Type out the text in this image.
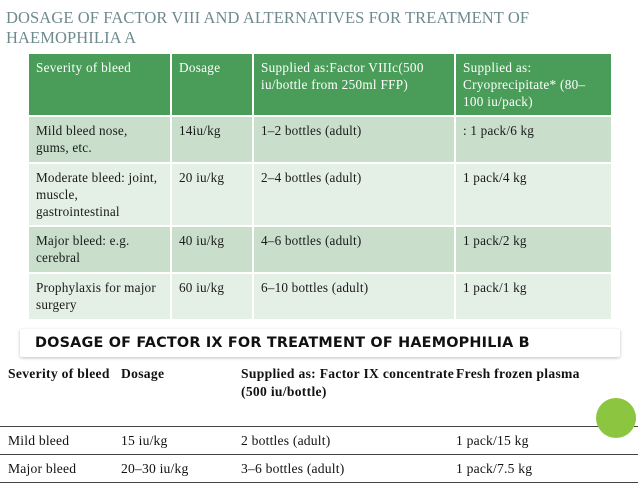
DOSAGE OF FACTOR VIII AND ALTERNATIVES FOR TREATMENT OF HAEMOPHILIA A
Severity of bleed	Dosage	Supplied as:Factor VIIIc(500 iu/bottle from 250ml FFP)	Supplied as: Cryoprecipitate* (80–100 iu/pack)
Mild bleed nose, gums, etc.	14iu/kg	1–2 bottles (adult)	: 1 pack/6 kg
Moderate bleed: joint, muscle, gastrointestinal	20 iu/kg	2–4 bottles (adult)	1 pack/4 kg
Major bleed: e.g. cerebral	40 iu/kg	4–6 bottles (adult)	1 pack/2 kg
Prophylaxis for major surgery	60 iu/kg	6–10 bottles (adult)	1 pack/1 kg
DOSAGE OF FACTOR IX FOR TREATMENT OF HAEMOPHILIA B
Severity of bleed	Dosage	Supplied as: Factor IX concentrate (500 iu/bottle)	Fresh frozen plasma
Mild bleed	15 iu/kg	2 bottles (adult)	1 pack/15 kg
Major bleed	20–30 iu/kg	3–6 bottles (adult)	1 pack/7.5 kg
